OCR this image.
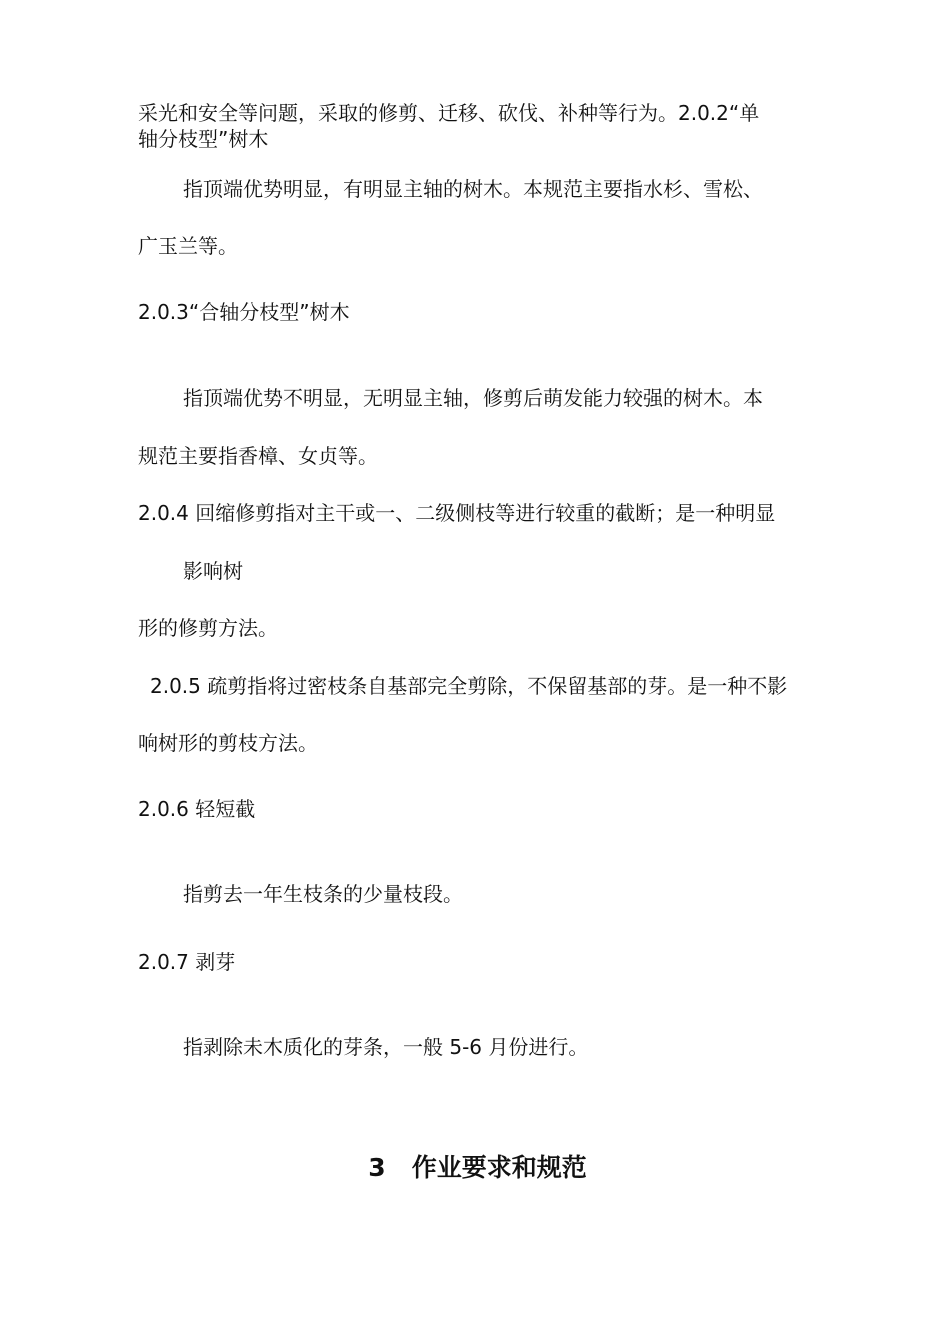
采光和安全等问题，采取的修剪、迁移、砍伐、补种等行为。2.0.2“单
轴分枝型”树木
指顶端优势明显，有明显主轴的树木。本规范主要指水杉、雪松、
广玉兰等。
2.0.3“合轴分枝型”树木
指顶端优势不明显，无明显主轴，修剪后萌发能力较强的树木。本
规范主要指香樟、女贞等。
2.0.4 回缩修剪指对主干或一、二级侧枝等进行较重的截断；是一种明显
影响树
形的修剪方法。
2.0.5 疏剪指将过密枝条自基部完全剪除，不保留基部的芽。是一种不影
响树形的剪枝方法。
2.0.6 轻短截
指剪去一年生枝条的少量枝段。
2.0.7 剥芽
指剥除未木质化的芽条，一般 5-6 月份进行。
3   作业要求和规范
